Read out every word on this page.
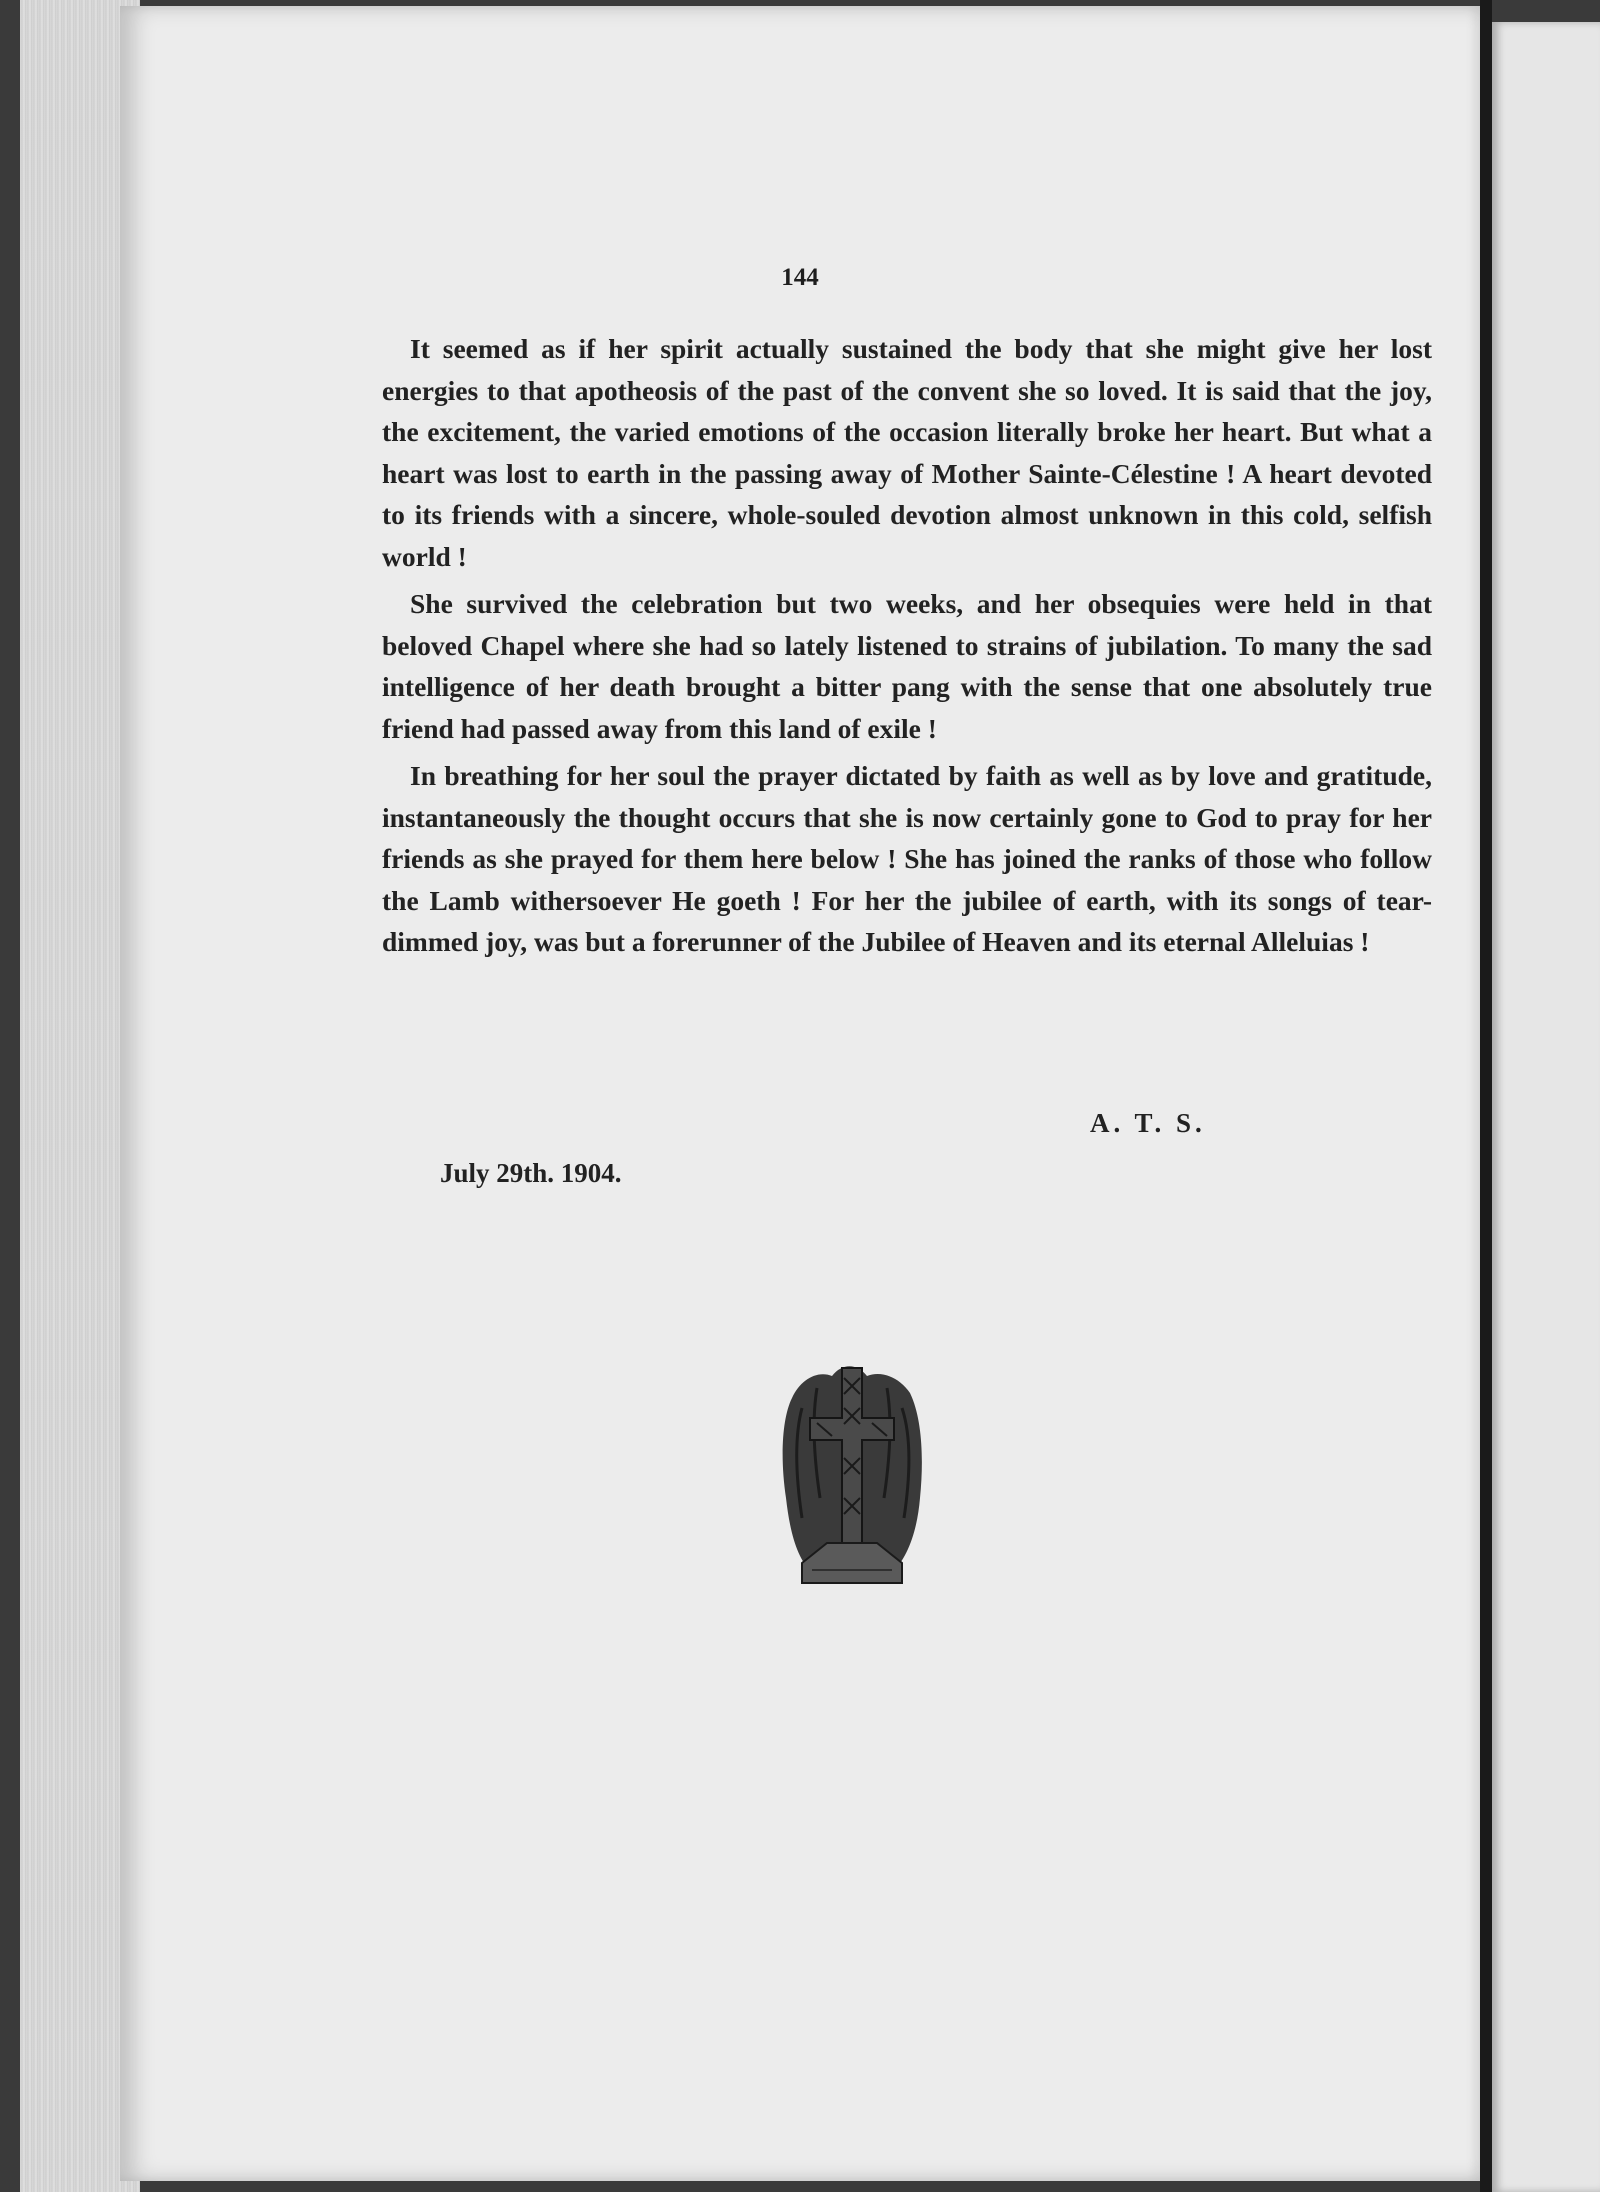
144

It seemed as if her spirit actually sustained the body that she might give her lost energies to that apotheosis of the past of the convent she so loved. It is said that the joy, the excitement, the varied emotions of the occasion literally broke her heart. But what a heart was lost to earth in the passing away of Mother Sainte-Célestine ! A heart devoted to its friends with a sincere, whole-souled devotion almost unknown in this cold, selfish world !

She survived the celebration but two weeks, and her obsequies were held in that beloved Chapel where she had so lately listened to strains of jubilation. To many the sad intelligence of her death brought a bitter pang with the sense that one absolutely true friend had passed away from this land of exile !

In breathing for her soul the prayer dictated by faith as well as by love and gratitude, instantaneously the thought occurs that she is now certainly gone to God to pray for her friends as she prayed for them here below ! She has joined the ranks of those who follow the Lamb withersoever He goeth ! For her the jubilee of earth, with its songs of tear-dimmed joy, was but a forerunner of the Jubilee of Heaven and its eternal Alleluias !

A. T. S.
July 29th. 1904.
